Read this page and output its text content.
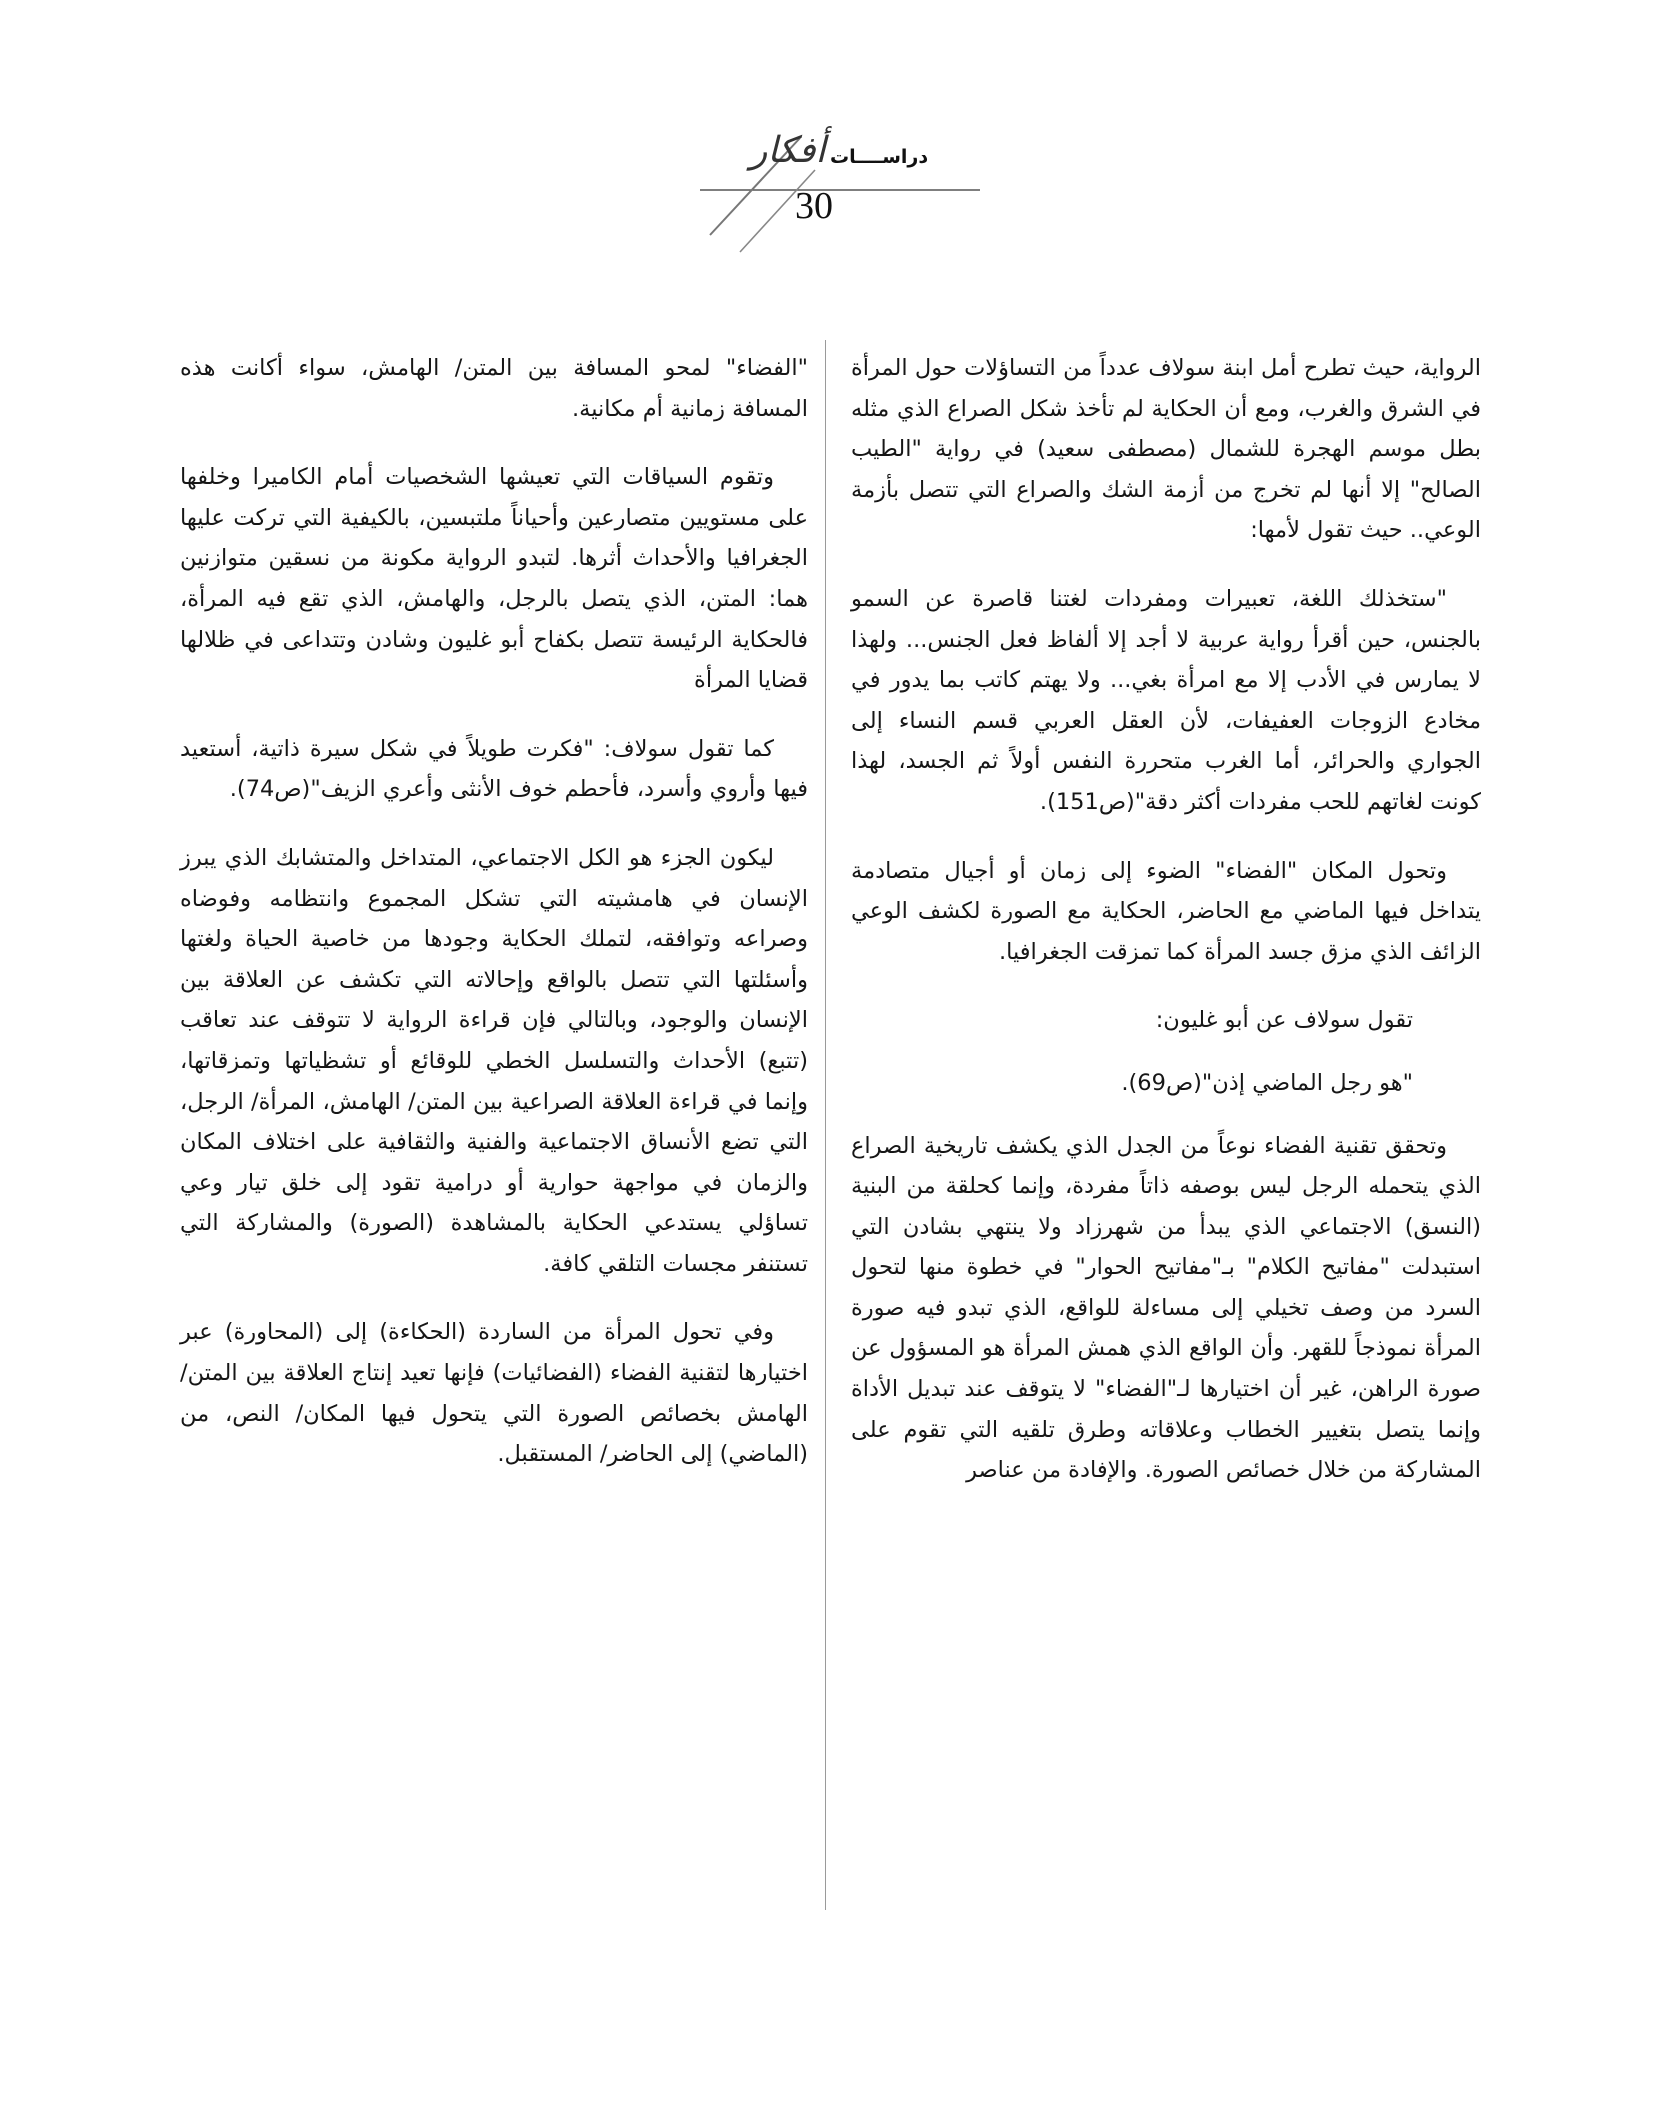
أفكار دراســــات
30

الرواية، حيث تطرح أمل ابنة سولاف عدداً من التساؤلات حول المرأة في الشرق والغرب، ومع أن الحكاية لم تأخذ شكل الصراع الذي مثله بطل موسم الهجرة للشمال (مصطفى سعيد) في رواية "الطيب الصالح" إلا أنها لم تخرج من أزمة الشك والصراع التي تتصل بأزمة الوعي.. حيث تقول لأمها:

"ستخذلك اللغة، تعبيرات ومفردات لغتنا قاصرة عن السمو بالجنس، حين أقرأ رواية عربية لا أجد إلا ألفاظ فعل الجنس... ولهذا لا يمارس في الأدب إلا مع امرأة بغي... ولا يهتم كاتب بما يدور في مخادع الزوجات العفيفات، لأن العقل العربي قسم النساء إلى الجواري والحرائر، أما الغرب متحررة النفس أولاً ثم الجسد، لهذا كونت لغاتهم للحب مفردات أكثر دقة"(ص151).

وتحول المكان "الفضاء" الضوء إلى زمان أو أجيال متصادمة يتداخل فيها الماضي مع الحاضر، الحكاية مع الصورة لكشف الوعي الزائف الذي مزق جسد المرأة كما تمزقت الجغرافيا.

تقول سولاف عن أبو غليون:

"هو رجل الماضي إذن"(ص69).

وتحقق تقنية الفضاء نوعاً من الجدل الذي يكشف تاريخية الصراع الذي يتحمله الرجل ليس بوصفه ذاتاً مفردة، وإنما كحلقة من البنية (النسق) الاجتماعي الذي يبدأ من شهرزاد ولا ينتهي بشادن التي استبدلت "مفاتيح الكلام" بـ"مفاتيح الحوار" في خطوة منها لتحول السرد من وصف تخيلي إلى مساءلة للواقع، الذي تبدو فيه صورة المرأة نموذجاً للقهر. وأن الواقع الذي همش المرأة هو المسؤول عن صورة الراهن، غير أن اختيارها لـ"الفضاء" لا يتوقف عند تبديل الأداة وإنما يتصل بتغيير الخطاب وعلاقاته وطرق تلقيه التي تقوم على المشاركة من خلال خصائص الصورة. والإفادة من عناصر

"الفضاء" لمحو المسافة بين المتن/ الهامش، سواء أكانت هذه المسافة زمانية أم مكانية.

وتقوم السياقات التي تعيشها الشخصيات أمام الكاميرا وخلفها على مستويين متصارعين وأحياناً ملتبسين، بالكيفية التي تركت عليها الجغرافيا والأحداث أثرها. لتبدو الرواية مكونة من نسقين متوازنين هما: المتن، الذي يتصل بالرجل، والهامش، الذي تقع فيه المرأة، فالحكاية الرئيسة تتصل بكفاح أبو غليون وشادن وتتداعى في ظلالها قضايا المرأة

كما تقول سولاف: "فكرت طويلاً في شكل سيرة ذاتية، أستعيد فيها وأروي وأسرد، فأحطم خوف الأنثى وأعري الزيف"(ص74).

ليكون الجزء هو الكل الاجتماعي، المتداخل والمتشابك الذي يبرز الإنسان في هامشيته التي تشكل المجموع وانتظامه وفوضاه وصراعه وتوافقه، لتملك الحكاية وجودها من خاصية الحياة ولغتها وأسئلتها التي تتصل بالواقع وإحالاته التي تكشف عن العلاقة بين الإنسان والوجود، وبالتالي فإن قراءة الرواية لا تتوقف عند تعاقب (تتبع) الأحداث والتسلسل الخطي للوقائع أو تشظياتها وتمزقاتها، وإنما في قراءة العلاقة الصراعية بين المتن/ الهامش، المرأة/ الرجل، التي تضع الأنساق الاجتماعية والفنية والثقافية على اختلاف المكان والزمان في مواجهة حوارية أو درامية تقود إلى خلق تيار وعي تساؤلي يستدعي الحكاية بالمشاهدة (الصورة) والمشاركة التي تستنفر مجسات التلقي كافة.

وفي تحول المرأة من الساردة (الحكاءة) إلى (المحاورة) عبر اختيارها لتقنية الفضاء (الفضائيات) فإنها تعيد إنتاج العلاقة بين المتن/ الهامش بخصائص الصورة التي يتحول فيها المكان/ النص، من (الماضي) إلى الحاضر/ المستقبل.
